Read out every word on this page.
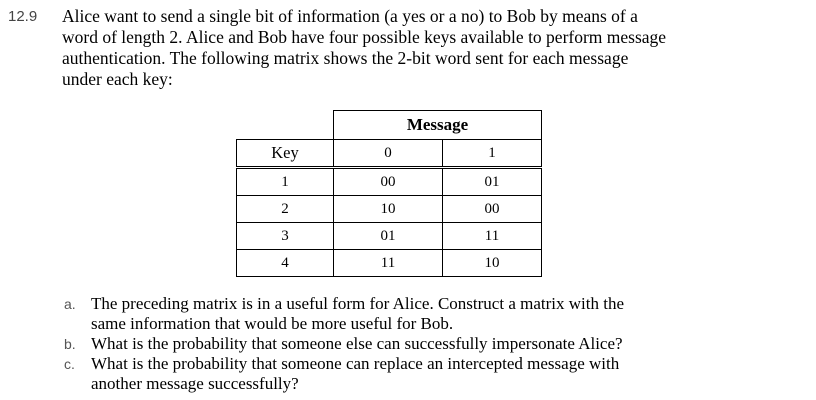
12.9 Alice want to send a single bit of information (a yes or a no) to Bob by means of a
word of length 2. Alice and Bob have four possible keys available to perform message
authentication. The following matrix shows the 2-bit word sent for each message
under each key:
	Message	
Key	0	1
1	00	01
2	10	00
3	01	11
4	11	10
a. The preceding matrix is in a useful form for Alice. Construct a matrix with the
same information that would be more useful for Bob.
b. What is the probability that someone else can successfully impersonate Alice?
c. What is the probability that someone can replace an intercepted message with
another message successfully?
